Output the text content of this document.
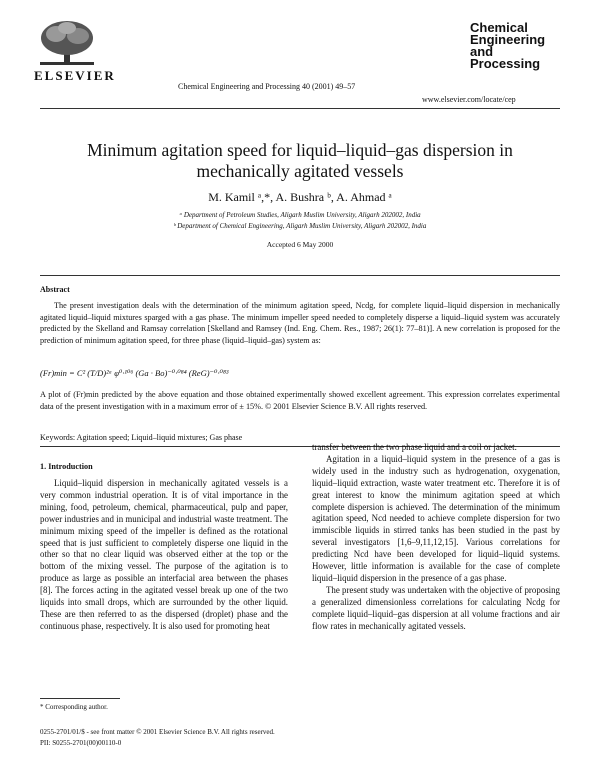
ELSEVIER
Chemical Engineering and Processing 40 (2001) 49–57
Chemical
Engineering
and
Processing
www.elsevier.com/locate/cep
Minimum agitation speed for liquid–liquid–gas dispersion in
mechanically agitated vessels
M. Kamil ᵃ,*, A. Bushra ᵇ, A. Ahmad ᵃ
ᵃ Department of Petroleum Studies, Aligarh Muslim University, Aligarh 202002, India
ᵇ Department of Chemical Engineering, Aligarh Muslim University, Aligarh 202002, India
Accepted 6 May 2000
Abstract

The present investigation deals with the determination of the minimum agitation speed, Ncdg, for complete liquid–liquid dispersion in mechanically agitated liquid–liquid mixtures sparged with a gas phase. The minimum impeller speed needed to completely disperse a liquid–liquid system was accurately predicted by the Skelland and Ramsay correlation [Skelland and Ramsey (Ind. Eng. Chem. Res., 1987; 26(1): 77–81)]. A new correlation is proposed for the prediction of minimum agitation speed, for three phase (liquid–liquid–gas) system as:

(Fr)min = C² (T/D)²ᵃ φ⁰·¹⁰⁶ (Ga · Bo)⁻⁰·⁰⁸⁴ (ReG)⁻⁰·⁰⁸³

A plot of (Fr)min predicted by the above equation and those obtained experimentally showed excellent agreement. This expression correlates experimental data of the present investigation with in a maximum error of ± 15%. © 2001 Elsevier Science B.V. All rights reserved.

Keywords: Agitation speed; Liquid–liquid mixtures; Gas phase
1. Introduction

Liquid–liquid dispersion in mechanically agitated vessels is a very common industrial operation. It is of vital importance in the mining, food, petroleum, chemical, pharmaceutical, pulp and paper, power industries and in municipal and industrial waste treatment. The minimum mixing speed of the impeller is defined as the rotational speed that is just sufficient to completely disperse one liquid in the other so that no clear liquid was observed either at the top or the bottom of the mixing vessel. The purpose of the agitation is to produce as large as possible an interfacial area between the phases [8]. The forces acting in the agitated vessel break up one of the two liquids into small drops, which are surrounded by the other liquid. These are then referred to as the dispersed (droplet) phase and the continuous phase, respectively. It is also used for promoting heat

transfer between the two phase liquid and a coil or jacket.

Agitation in a liquid–liquid system in the presence of a gas is widely used in the industry such as hydrogenation, oxygenation, liquid–liquid extraction, waste water treatment etc. Therefore it is of great interest to know the minimum agitation speed at which complete dispersion is achieved. The determination of the minimum agitation speed, Ncd needed to achieve complete dispersion for two immiscible liquids in stirred tanks has been studied in the past by several investigators [1,6–9,11,12,15]. Various correlations for predicting Ncd have been developed for liquid–liquid systems. However, little information is available for the case of complete liquid–liquid dispersion in the presence of a gas phase.

The present study was undertaken with the objective of proposing a generalized dimensionless correlations for calculating Ncdg for complete liquid–liquid–gas dispersion at all volume fractions and air flow rates in mechanically agitated vessels.

* Corresponding author.
0255-2701/01/$ - see front matter © 2001 Elsevier Science B.V. All rights reserved.
PII: S0255-2701(00)00110-0
